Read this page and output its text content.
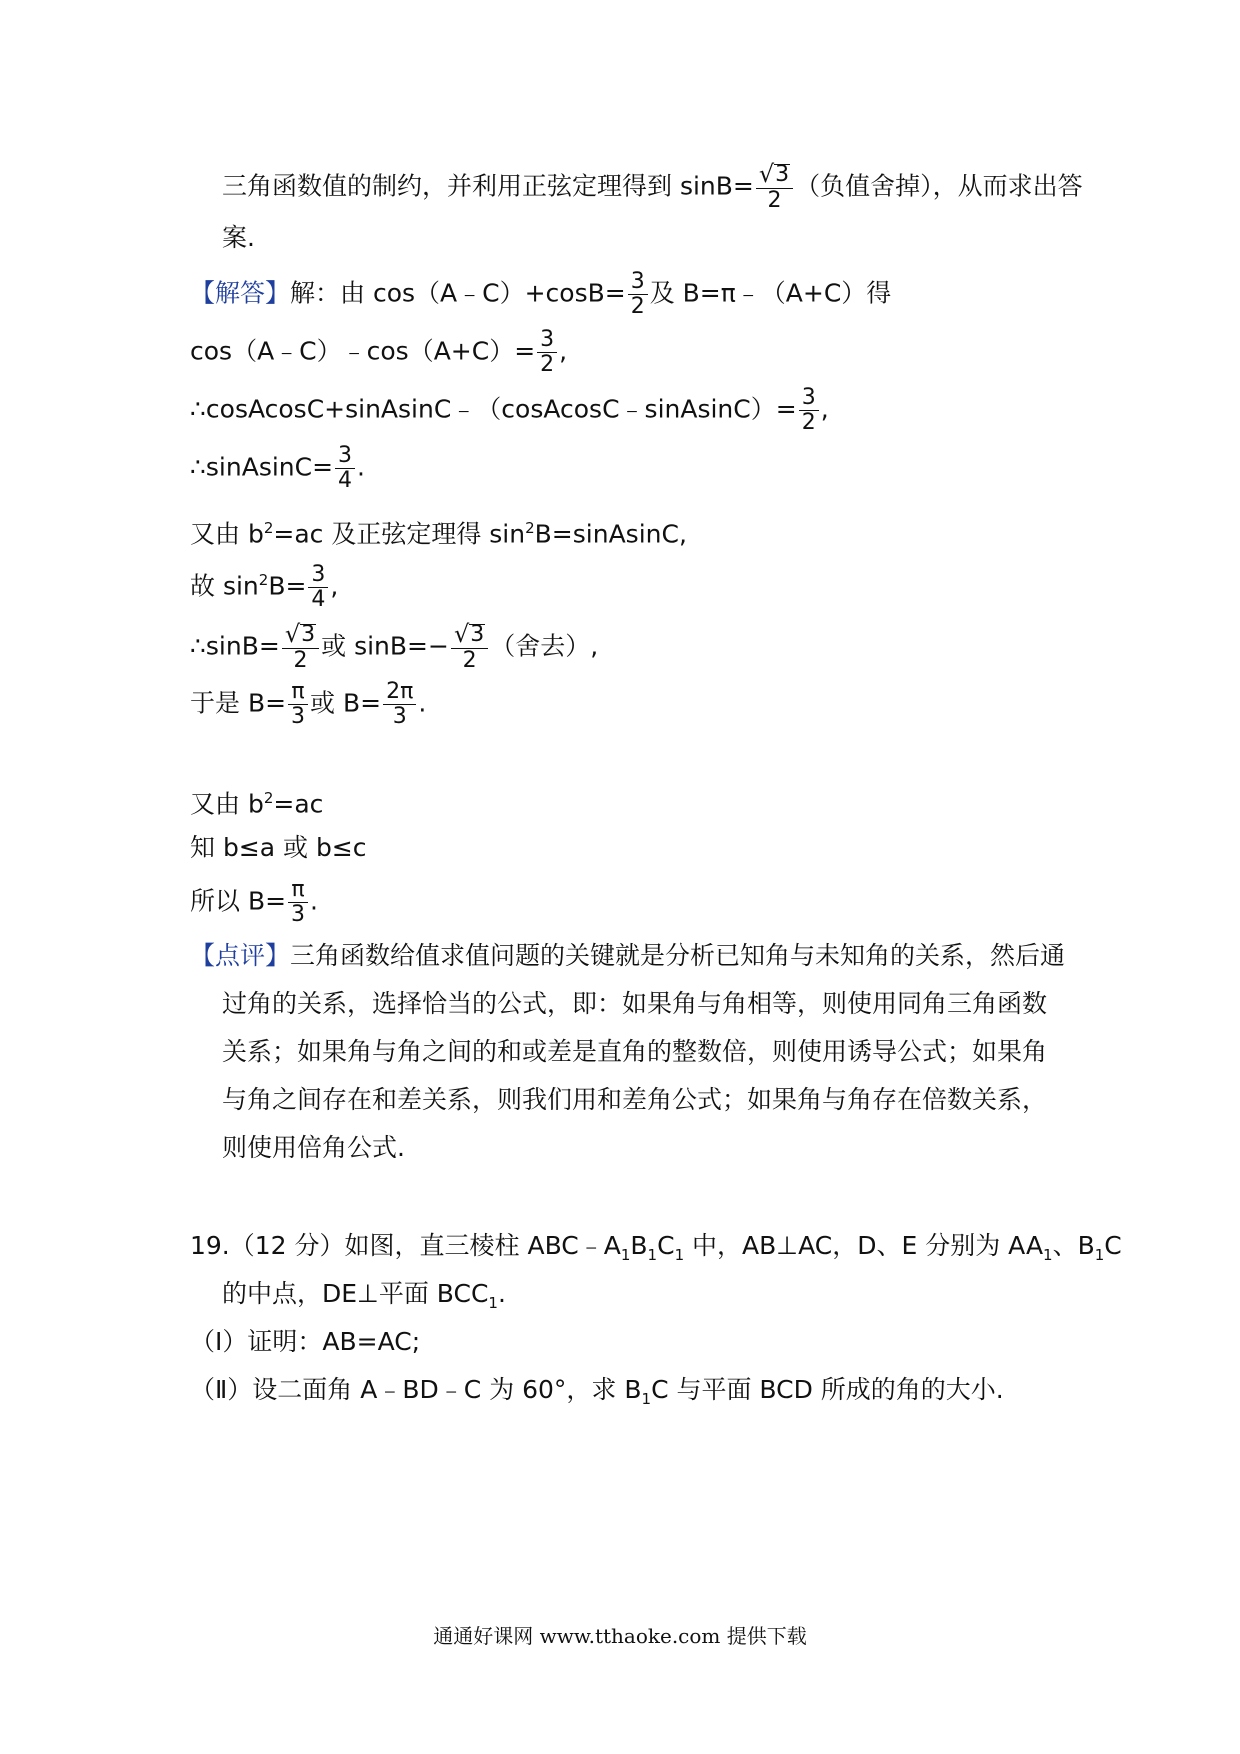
三角函数值的制约，并利用正弦定理得到 $\sin B= \frac{√ 3}{2}$ （负值舍掉），从而求出答
案.
【解答】解：由 cos（A﹣C）+cosB= $\frac{3}{2}$ 及 B=π﹣（A+C）得
cos（A﹣C）﹣cos（A+C）= $\frac{3}{2}$ ,
∴cosAcosC+sinAsinC﹣（cosAcosC﹣sinAsinC）= $\frac{3}{2}$ ,
∴sinAsinC= $\frac{3}{4}$ .
又由 $b^2=ac$ 及正弦定理得 $\sin^2B=sinAsinC$,
故 $\sin^2B= \frac{3}{4}$ ,
∴sinB= $\frac{√ 3}{2}$ 或 $\sin B=- \frac{√ 3}{2}$ （舍去）,
于是 $B= \frac{\pi}{3}$ 或 $B= \frac{2\pi}{3}$ .
又由 $b^2=ac$
知 b≤a 或 b≤c
所以 $B= \frac{\pi}{3}$ .
【点评】三角函数给值求值问题的关键就是分析已知角与未知角的关系，然后通
过角的关系，选择恰当的公式，即：如果角与角相等，则使用同角三角函数
关系；如果角与角之间的和或差是直角的整数倍，则使用诱导公式；如果角
与角之间存在和差关系，则我们用和差角公式；如果角与角存在倍数关系，
则使用倍角公式.
19.（12 分）如图，直三棱柱 $ABC﹣A_1B_1C_1$ 中，AB⊥AC，D、E 分别为 $AA_1$、$B_1C$
的中点，DE⊥平面 $BCC_1$.
（Ⅰ）证明：AB=AC;
（Ⅱ）设二面角 A﹣BD﹣C 为 60°，求 $B_1C$ 与平面 BCD 所成的角的大小.
通通好课网 www.tthaoke.com 提供下载
